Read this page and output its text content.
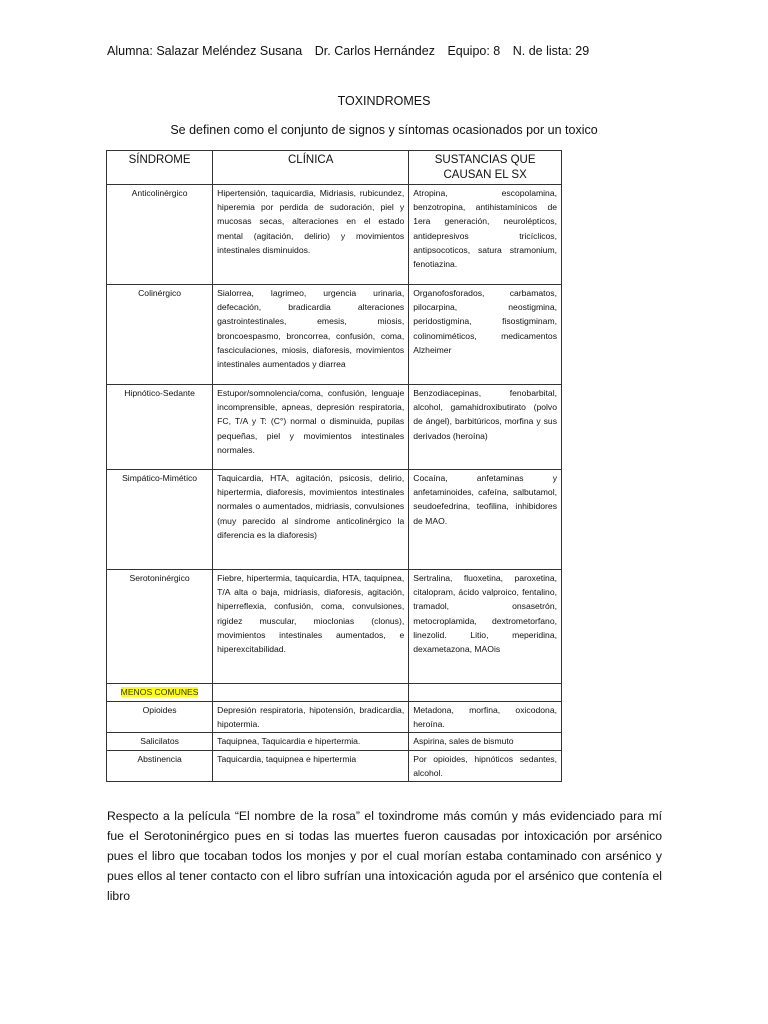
Alumna: Salazar Meléndez Susana Dr. Carlos Hernández Equipo: 8 N. de lista: 29
TOXINDROMES
Se definen como el conjunto de signos y síntomas ocasionados por un toxico
SÍNDROME	CLÍNICA	SUSTANCIAS QUE CAUSAN EL SX
Anticolinérgico	Hipertensión, taquicardia, Midriasis, rubicundez, hiperemia por perdida de sudoración, piel y mucosas secas, alteraciones en el estado mental (agitación, delirio) y movimientos intestinales disminuidos.	Atropina, escopolamina, benzotropina, antihistamínicos de 1era generación, neurolépticos, antidepresivos tricíclicos, antipsocoticos, satura stramonium, fenotiazina.
Colinérgico	Sialorrea, lagrimeo, urgencia urinaria, defecación, bradicardia alteraciones gastrointestinales, emesis, miosis, broncoespasmo, broncorrea, confusión, coma, fasciculaciones, miosis, diaforesis, movimientos intestinales aumentados y diarrea	Organofosforados, carbamatos, pilocarpina, neostigmina, peridostigmina, fisostigminam, colinomiméticos, medicamentos Alzheimer
Hipnótico-Sedante	Estupor/somnolencia/coma, confusión, lenguaje incomprensible, apneas, depresión respiratoria, FC, T/A y T: (C°) normal o disminuida, pupilas pequeñas, piel y movimientos intestinales normales.	Benzodiacepinas, fenobarbital, alcohol, gamahidroxibutirato (polvo de ángel), barbitúricos, morfina y sus derivados (heroína)
Simpático-Mimético	Taquicardia, HTA, agitación, psicosis, delirio, hipertermia, diaforesis, movimientos intestinales normales o aumentados, midriasis, convulsiones (muy parecido al síndrome anticolinérgico la diferencia es la diaforesis)	Cocaína, anfetaminas y anfetaminoides, cafeína, salbutamol, seudoefedrina, teofilina, inhibidores de MAO.
Serotoninérgico	Fiebre, hipertermia, taquicardia, HTA, taquipnea, T/A alta o baja, midriasis, diaforesis, agitación, hiperreflexia, confusión, coma, convulsiones, rigidez muscular, mioclonias (clonus), movimientos intestinales aumentados, e hiperexcitabilidad.	Sertralina, fluoxetina, paroxetina, citalopram, ácido valproico, fentalino, tramadol, onsasetrón, metocroplamida, dextrometorfano, linezolid. Litio, meperidina, dexametazona, MAOis
MENOS COMUNES		
Opioides	Depresión respiratoria, hipotensión, bradicardia, hipotermia.	Metadona, morfina, oxicodona, heroína.
Salicilatos	Taquipnea, Taquicardia e hipertermia.	Aspirina, sales de bismuto
Abstinencia	Taquicardia, taquipnea e hipertermia	Por opioides, hipnóticos sedantes, alcohol.
Respecto a la película “El nombre de la rosa” el toxindrome más común y más evidenciado para mí fue el Serotoninérgico pues en si todas las muertes fueron causadas por intoxicación por arsénico pues el libro que tocaban todos los monjes y por el cual morían estaba contaminado con arsénico y pues ellos al tener contacto con el libro sufrían una intoxicación aguda por el arsénico que contenía el libro
